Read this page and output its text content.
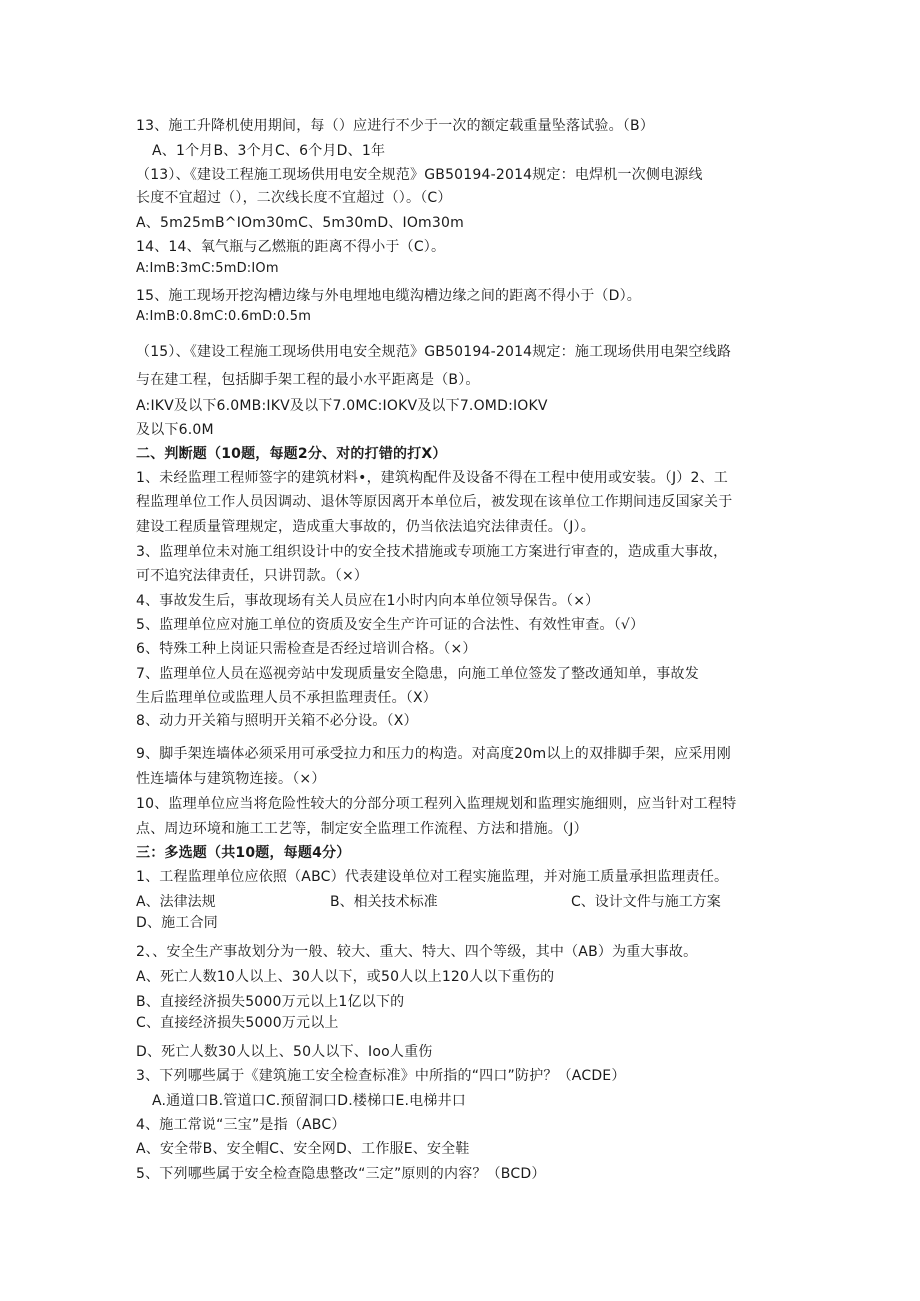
13、施工升降机使用期间，每（）应进行不少于一次的额定载重量坠落试验。（B）
A、1个月B、3个月C、6个月D、1年
（13）、《建设工程施工现场供用电安全规范》GB50194-2014规定：电焊机一次侧电源线
长度不宜超过（），二次线长度不宜超过（）。（C）
A、5m25mB^IOm30mC、5m30mD、IOm30m
14、14、氧气瓶与乙燃瓶的距离不得小于（C）。
A:ImB:3mC:5mD:IOm
15、施工现场开挖沟槽边缘与外电埋地电缆沟槽边缘之间的距离不得小于（D）。
A:ImB:0.8mC:0.6mD:0.5m
（15）、《建设工程施工现场供用电安全规范》GB50194-2014规定：施工现场供用电架空线路
与在建工程，包括脚手架工程的最小水平距离是（B）。
A:IKV及以下6.0MB:IKV及以下7.0MC:IOKV及以下7.OMD:IOKV
及以下6.0M
二、判断题（10题，每题2分、对的打错的打X）
1、未经监理工程师签字的建筑材料•，建筑构配件及设备不得在工程中使用或安装。（J）2、工
程监理单位工作人员因调动、退休等原因离开本单位后，被发现在该单位工作期间违反国家关于
建设工程质量管理规定，造成重大事故的，仍当依法追究法律责任。（J）。
3、监理单位未对施工组织设计中的安全技术措施或专项施工方案进行审查的，造成重大事故，
可不追究法律责任，只讲罚款。（×）
4、事故发生后，事故现场有关人员应在1小时内向本单位领导保告。（×）
5、监理单位应对施工单位的资质及安全生产许可证的合法性、有效性审查。（√）
6、特殊工种上岗证只需检查是否经过培训合格。（×）
7、监理单位人员在巡视旁站中发现质量安全隐患，向施工单位签发了整改通知单，事故发
生后监理单位或监理人员不承担监理责任。（X）
8、动力开关箱与照明开关箱不必分设。（X）
9、脚手架连墙体必须采用可承受拉力和压力的构造。对高度20m以上的双排脚手架，应采用刚
性连墙体与建筑物连接。（×）
10、监理单位应当将危险性较大的分部分项工程列入监理规划和监理实施细则，应当针对工程特
点、周边环境和施工工艺等，制定安全监理工作流程、方法和措施。（J）
三：多选题（共10题，每题4分）
1、工程监理单位应依照（ABC）代表建设单位对工程实施监理，并对施工质量承担监理责任。
A、法律法规	B、相关技术标准	C、设计文件与施工方案
D、施工合同
2、、安全生产事故划分为一般、较大、重大、特大、四个等级，其中（AB）为重大事故。
A、死亡人数10人以上、30人以下，或50人以上120人以下重伤的
B、直接经济损失5000万元以上1亿以下的
C、直接经济损失5000万元以上
D、死亡人数30人以上、50人以下、Ioo人重伤
3、下列哪些属于《建筑施工安全检查标准》中所指的“四口”防护？（ACDE）
A.通道口B.管道口C.预留洞口D.楼梯口E.电梯井口
4、施工常说“三宝”是指（ABC）
A、安全带B、安全帽C、安全网D、工作服E、安全鞋
5、下列哪些属于安全检查隐患整改“三定”原则的内容？（BCD）
